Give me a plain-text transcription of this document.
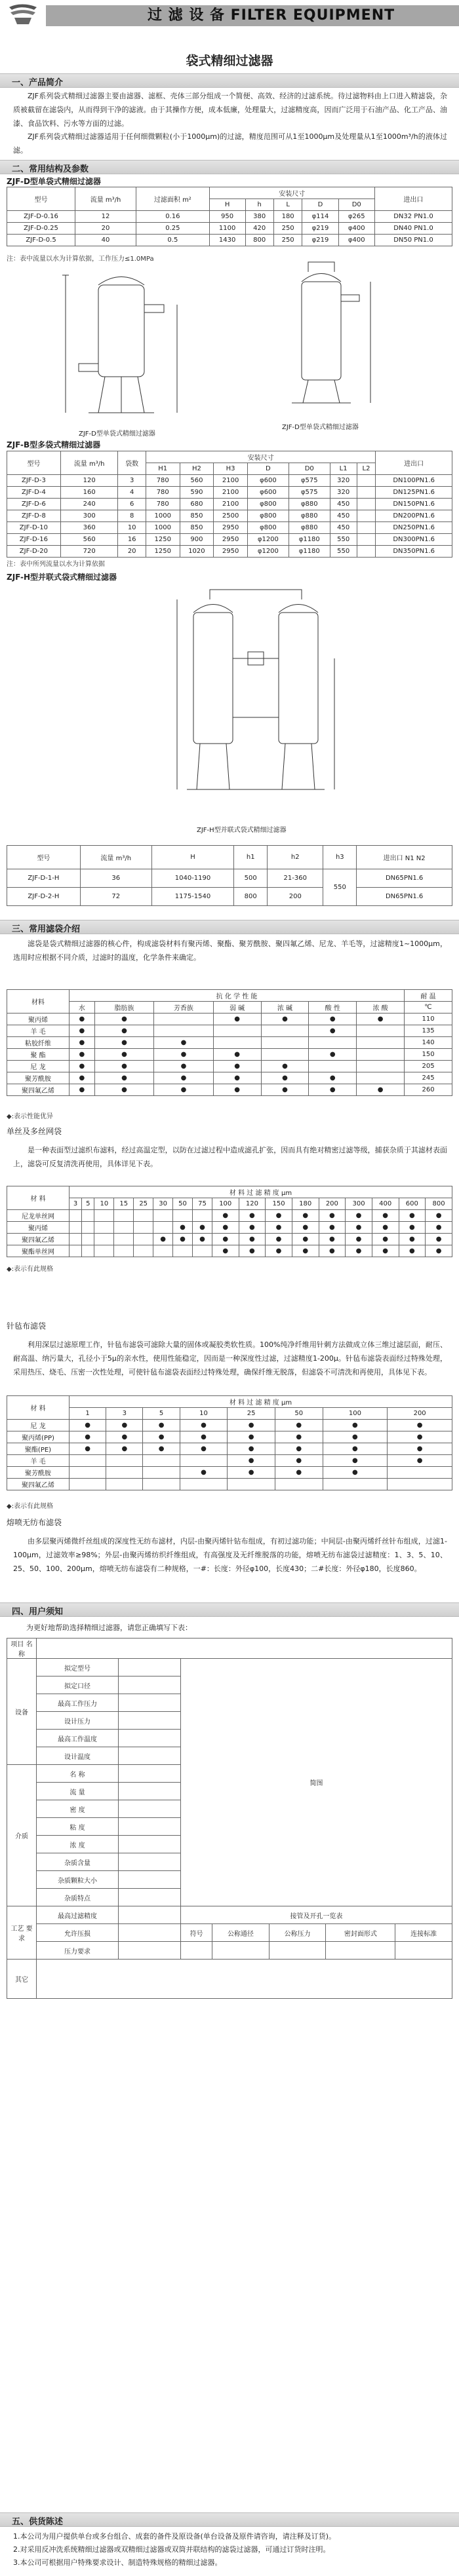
过 滤 设 备 FILTER EQUIPMENT
袋式精细过滤器
一、产品简介
ZJF系列袋式精细过滤器主要由滤器、滤框、壳体三部分组成一个简便、高效、经济的过滤系统。待过滤物料由上口进入精滤袋，杂质被截留在滤袋内，从而得到干净的滤液。由于其操作方便，成本低廉，处理量大，过滤精度高，因而广泛用于石油产品、化工产品、油漆、食品饮料、污水等方面的过滤。
ZJF系列袋式精细过滤器适用于任何细微颗粒(小于1000μm)的过滤，精度范围可从1至1000μm及处理量从1至1000m³/h的液体过滤。
二、常用结构及参数
ZJF-D型单袋式精细过滤器
型号	流量 m³/h	过滤面积 m²	安装尺寸					进出口
			H	h	L	D	D0	
ZJF-D-0.16	12	0.16	950	380	180	φ114	φ265	DN32 PN1.0
ZJF-D-0.25	20	0.25	1100	420	250	φ219	φ400	DN40 PN1.0
ZJF-D-0.5	40	0.5	1430	800	250	φ219	φ400	DN50 PN1.0
注：表中流量以水为计算依据，工作压力≤1.0MPa
ZJF-D型单袋式精细过滤器
ZJF-D型单袋式精细过滤器
ZJF-B型多袋式精细过滤器
型号	流量 m³/h	袋数	安装尺寸							进出口
			H1	H2	H3	D	D0	L1	L2	
ZJF-D-3	120	3	780	560	2100	φ600	φ575	320		DN100PN1.6
ZJF-D-4	160	4	780	590	2100	φ600	φ575	320		DN125PN1.6
ZJF-D-6	240	6	780	680	2100	φ800	φ880	450		DN150PN1.6
ZJF-D-8	300	8	1000	850	2500	φ800	φ880	450		DN200PN1.6
ZJF-D-10	360	10	1000	850	2950	φ800	φ880	450		DN250PN1.6
ZJF-D-16	560	16	1250	900	2950	φ1200	φ1180	550		DN300PN1.6
ZJF-D-20	720	20	1250	1020	2950	φ1200	φ1180	550		DN350PN1.6
注：表中所列流量以水为计算依据
ZJF-H型并联式袋式精细过滤器
ZJF-H型并联式袋式精细过滤器
型号	流量 m³/h	H	h1	h2	h3	进出口 N1 N2
ZJF-D-1-H	36	1040-1190	500	21-360	550	DN65PN1.6
ZJF-D-2-H	72	1175-1540	800	200		DN65PN1.6
三、常用滤袋介绍
滤袋是袋式精细过滤器的核心件，构成滤袋材料有聚丙烯、聚酯、聚芳酰胺、聚四氟乙烯、尼龙、羊毛等，过滤精度1~1000μm，选用时应根据不同介质，过滤时的温度，化学条件来确定。
材料	抗 化 学 性 能							耐 温
	水	脂肪族	芳香族	弱 碱	浓 碱	酸 性	浓 酸	℃
聚丙烯	●	●		●	●	●	●	110
羊 毛	●	●				●		135
粘胶纤维	●	●	●					140
聚 酯	●	●	●	●		●		150
尼 龙	●	●	●	●	●			205
聚芳酰胺	●	●	●	●	●	●		245
聚四氟乙烯	●	●	●	●	●	●	●	260
◆:表示性能优异
单丝及多丝网袋
是一种表面型过滤织布滤料，经过高温定型，以防在过滤过程中造成滤孔扩张，因而具有绝对精密过滤等级，捕获杂质于其滤材表面上，滤袋可反复清洗再使用，具体详见下表。
材 料	材 料 过 滤 精 度 μm																
	3	5	10	15	25	30	50	75	100	120	150	180	200	300	400	600	800
尼龙单丝网									●	●	●	●	●	●	●	●	●
聚丙烯							●	●	●	●	●	●	●	●	●	●	●
聚四氟乙烯						●	●	●	●	●	●	●	●	●	●	●	●
聚酯单丝网									●	●	●	●	●	●	●	●	●
◆:表示有此规格
针毡布滤袋
利用深层过滤原理工作，针毡布滤袋可滤除大量的固体或凝胶类软性质。100%纯净纤维用针刺方法做成立体三维过滤层面，耐压、耐高温、纳污量大，孔径小于5μ的亲水性，使用性能稳定，因而是一种深度性过滤，过滤精度1-200μ。针毡布滤袋表面经过特殊处理，采用热压、烧毛、压密一次性处理，可使针毡布滤袋表面经过特殊处理，确保纤维无脱落，但滤袋不可清洗和再使用，具体见下表。
材 料	材 料 过 滤 精 度 μm							
	1	3	5	10	25	50	100	200
尼 龙	●	●	●	●	●	●	●	●
聚丙烯(PP)	●	●	●	●	●	●	●	●
聚酯(PE)	●	●	●	●	●	●	●	●
羊 毛					●	●	●	●
聚芳酰胺				●	●	●	●	
聚四氟乙烯								
◆:表示有此规格
熔喷无纺布滤袋
由多层聚丙烯微纤丝组成的深度性无纺布滤材，内层-由聚丙烯针钻布组成，有初过滤功能；中间层-由聚丙烯纤丝针布组成，过滤1-100μm，过滤效率≥98%；外层-由聚丙烯纺织纤维组成，有高强度及无纤维脱落的功能，熔喷无纺布滤袋过滤精度：1、3、5、10、25、50、100、200μm，熔喷无纺布滤袋有二种规格，一#：长度：外径φ100，长度430；二#长度：外径φ180，长度860。
四、用户须知
为更好地帮助选择精细过滤器，请您正确填写下表：
项目 名称							
设备	拟定型号		简图				
	拟定口径						
	最高工作压力						
	设计压力						
	最高工作温度						
	设计温度						
介质	名 称						
	流 量						
	密 度						
	粘 度						
	浓 度						
	杂质含量						
	杂质颗粒大小						
	杂质特点						
工艺 要求	最高过滤精度		接管及开孔一览表				
	允许压损		符号	公称通径	公称压力	密封面形式	连接标准
	压力要求						
其它							
五、供货陈述
1.本公司为用户提供单台或多台组合、成套的备件及原设备(单台设备及原件请咨询，请注释及订货)。
2.对采用反冲洗系统精细过滤器或双精细过滤器或双筒并联结构的滤袋过滤器，可通过订货时注明。
3.本公司可根据用户特殊要求设计、制造特殊规格的精细过滤器。
